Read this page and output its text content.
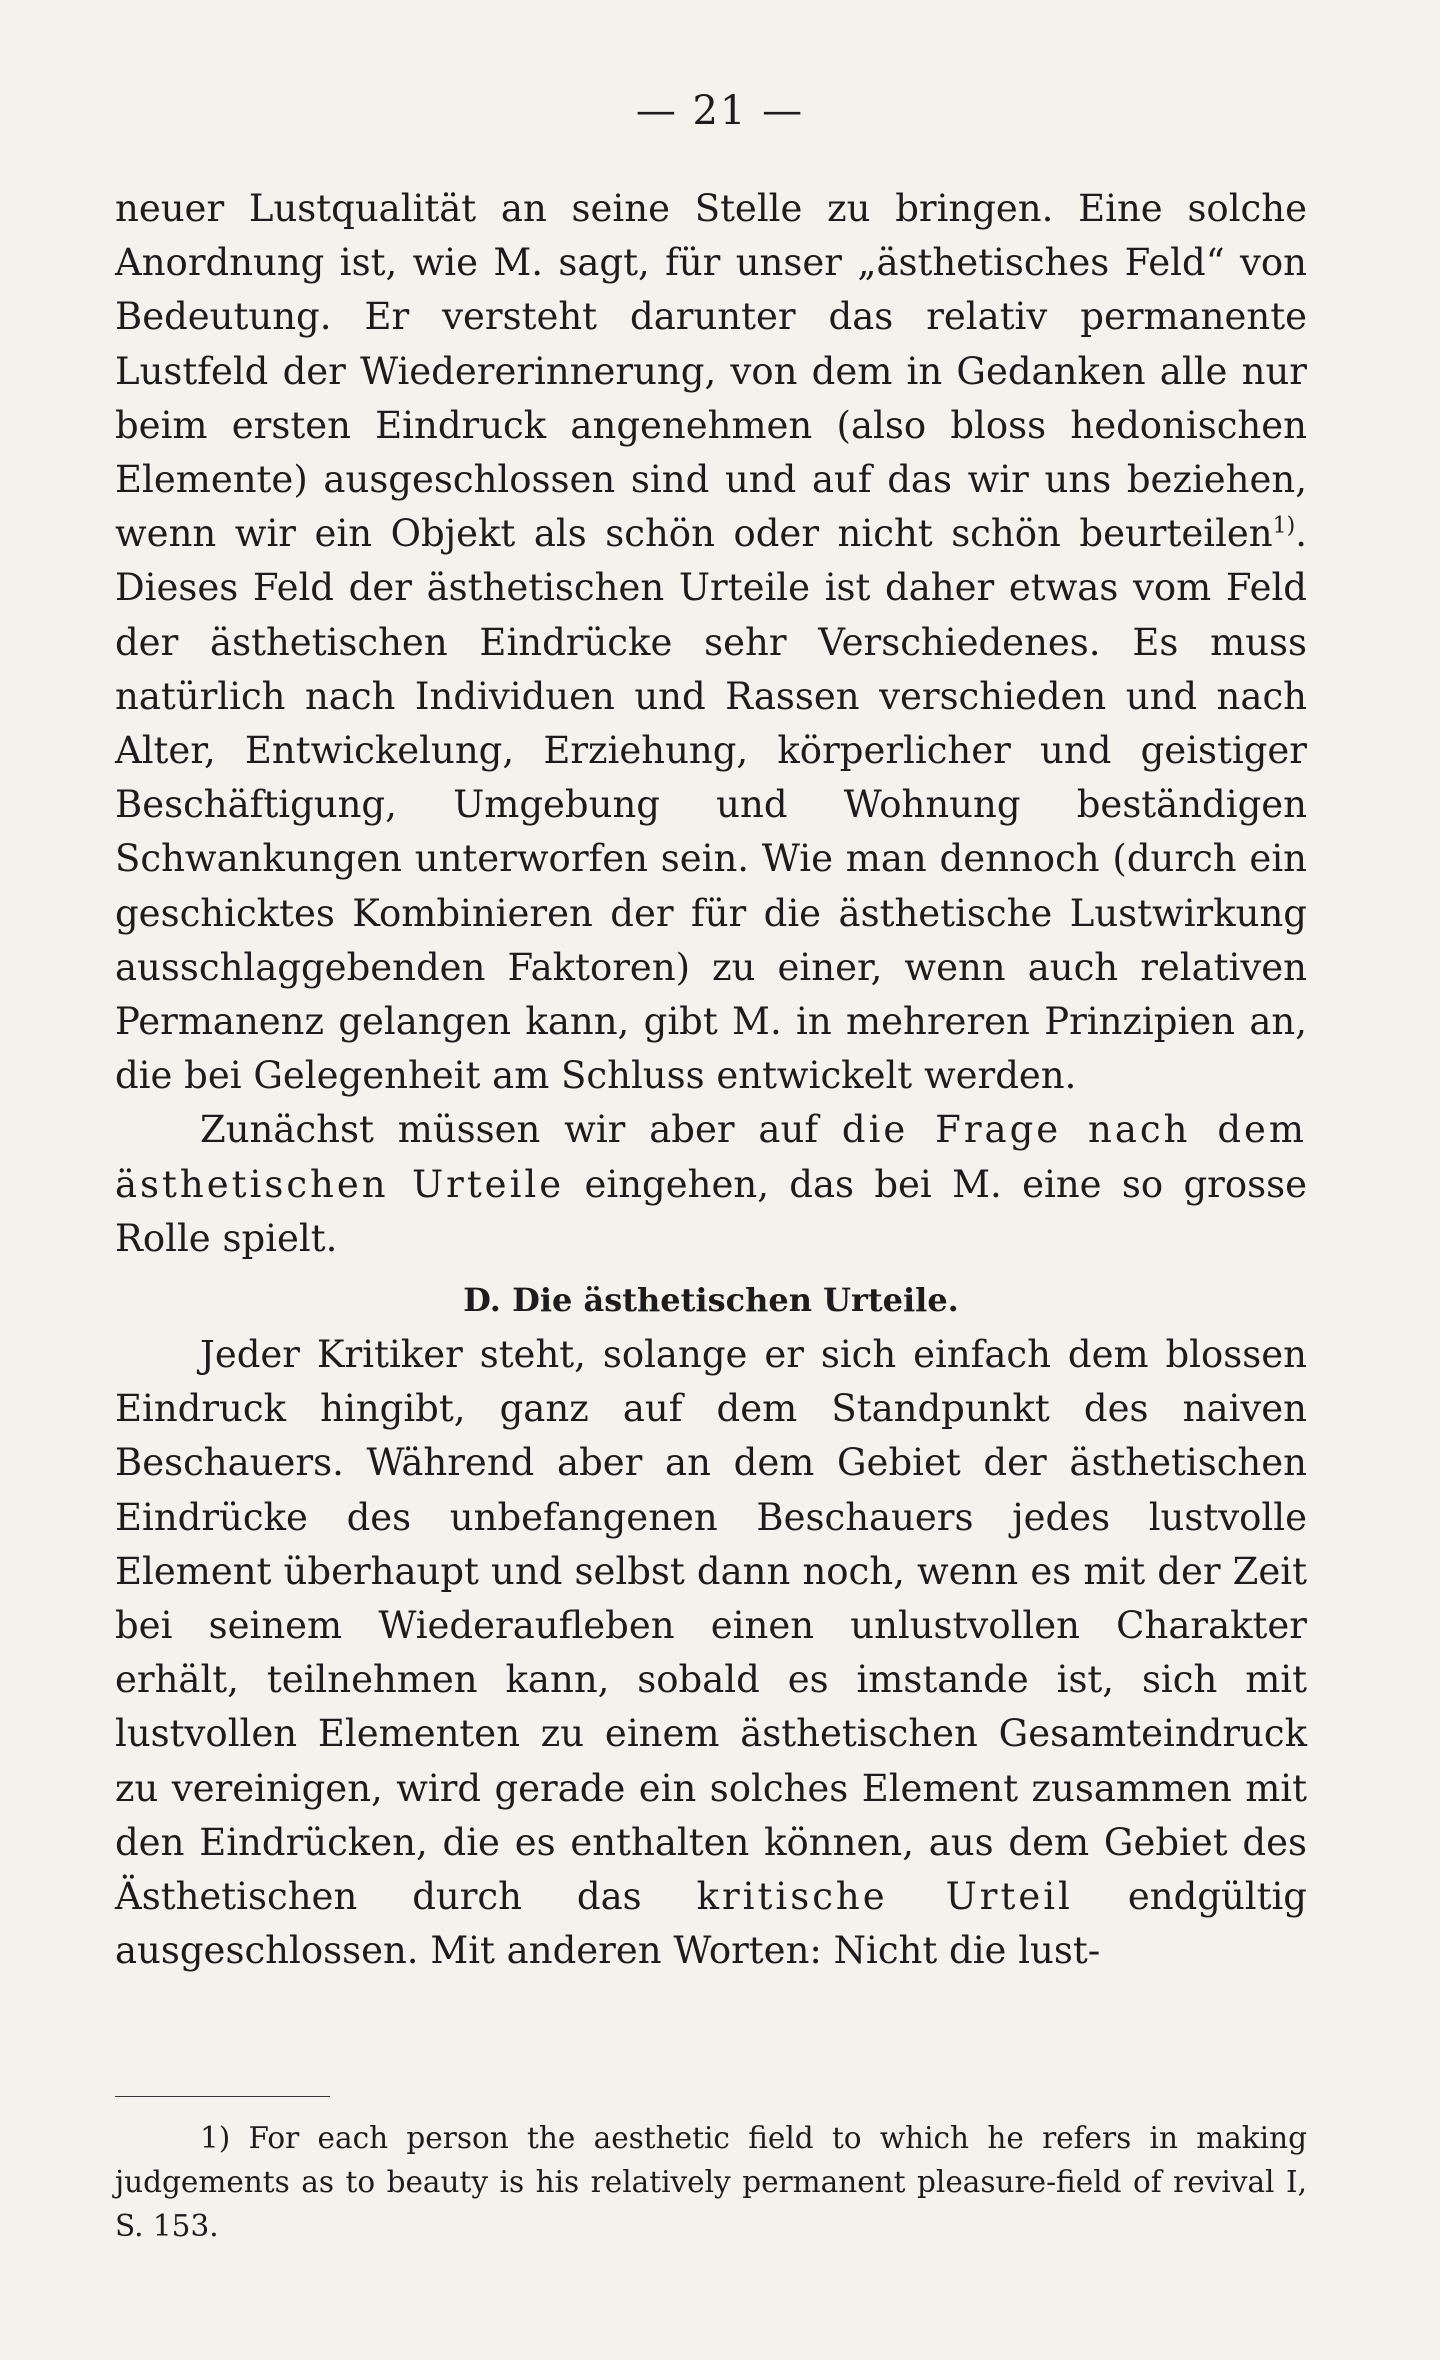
— 21 —

neuer Lustqualität an seine Stelle zu bringen. Eine solche Anordnung ist, wie M. sagt, für unser „ästhetisches Feld“ von Bedeutung. Er versteht darunter das relativ permanente Lustfeld der Wiedererinnerung, von dem in Gedanken alle nur beim ersten Eindruck angenehmen (also bloss hedonischen Elemente) ausgeschlossen sind und auf das wir uns beziehen, wenn wir ein Objekt als schön oder nicht schön beurteilen$^{1)}$. Dieses Feld der ästhetischen Urteile ist daher etwas vom Feld der ästhetischen Eindrücke sehr Verschiedenes. Es muss natürlich nach Individuen und Rassen verschieden und nach Alter, Entwickelung, Erziehung, körperlicher und geistiger Beschäftigung, Umgebung und Wohnung beständigen Schwankungen unterworfen sein. Wie man dennoch (durch ein geschicktes Kombinieren der für die ästhetische Lustwirkung ausschlaggebenden Faktoren) zu einer, wenn auch relativen Permanenz gelangen kann, gibt M. in mehreren Prinzipien an, die bei Gelegenheit am Schluss entwickelt werden.

Zunächst müssen wir aber auf die Frage nach dem ästhetischen Urteile eingehen, das bei M. eine so grosse Rolle spielt.

D. Die ästhetischen Urteile.

Jeder Kritiker steht, solange er sich einfach dem blossen Eindruck hingibt, ganz auf dem Standpunkt des naiven Beschauers. Während aber an dem Gebiet der ästhetischen Eindrücke des unbefangenen Beschauers jedes lustvolle Element überhaupt und selbst dann noch, wenn es mit der Zeit bei seinem Wiederaufleben einen unlustvollen Charakter erhält, teilnehmen kann, sobald es imstande ist, sich mit lustvollen Elementen zu einem ästhetischen Gesamteindruck zu vereinigen, wird gerade ein solches Element zusammen mit den Eindrücken, die es enthalten können, aus dem Gebiet des Ästhetischen durch das kritische Urteil endgültig ausgeschlossen. Mit anderen Worten: Nicht die lust-

1) For each person the aesthetic field to which he refers in making judgements as to beauty is his relatively permanent pleasure-field of revival I, S. 153.
